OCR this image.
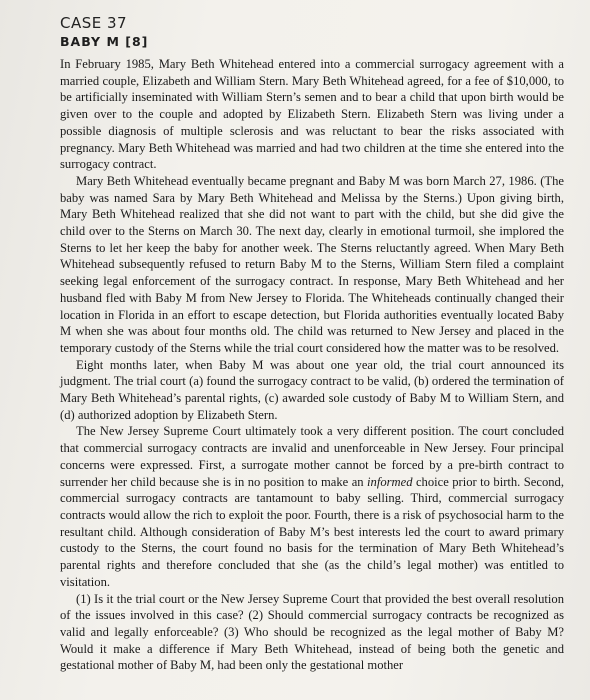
CASE 37
BABY M [8]

In February 1985, Mary Beth Whitehead entered into a commercial surrogacy agreement with a married couple, Elizabeth and William Stern. Mary Beth Whitehead agreed, for a fee of $10,000, to be artificially inseminated with William Stern’s semen and to bear a child that upon birth would be given over to the couple and adopted by Elizabeth Stern. Elizabeth Stern was living under a possible diagnosis of multiple sclerosis and was reluctant to bear the risks associated with pregnancy. Mary Beth Whitehead was married and had two children at the time she entered into the surrogacy contract.

Mary Beth Whitehead eventually became pregnant and Baby M was born March 27, 1986. (The baby was named Sara by Mary Beth Whitehead and Melissa by the Sterns.) Upon giving birth, Mary Beth Whitehead realized that she did not want to part with the child, but she did give the child over to the Sterns on March 30. The next day, clearly in emotional turmoil, she implored the Sterns to let her keep the baby for another week. The Sterns reluctantly agreed. When Mary Beth Whitehead subsequently refused to return Baby M to the Sterns, William Stern filed a complaint seeking legal enforcement of the surrogacy contract. In response, Mary Beth Whitehead and her husband fled with Baby M from New Jersey to Florida. The Whiteheads continually changed their location in Florida in an effort to escape detection, but Florida authorities eventually located Baby M when she was about four months old. The child was returned to New Jersey and placed in the temporary custody of the Sterns while the trial court considered how the matter was to be resolved.

Eight months later, when Baby M was about one year old, the trial court announced its judgment. The trial court (a) found the surrogacy contract to be valid, (b) ordered the termination of Mary Beth Whitehead’s parental rights, (c) awarded sole custody of Baby M to William Stern, and (d) authorized adoption by Elizabeth Stern.

The New Jersey Supreme Court ultimately took a very different position. The court concluded that commercial surrogacy contracts are invalid and unenforceable in New Jersey. Four principal concerns were expressed. First, a surrogate mother cannot be forced by a pre-birth contract to surrender her child because she is in no position to make an informed choice prior to birth. Second, commercial surrogacy contracts are tantamount to baby selling. Third, commercial surrogacy contracts would allow the rich to exploit the poor. Fourth, there is a risk of psychosocial harm to the resultant child. Although consideration of Baby M’s best interests led the court to award primary custody to the Sterns, the court found no basis for the termination of Mary Beth Whitehead’s parental rights and therefore concluded that she (as the child’s legal mother) was entitled to visitation.

(1) Is it the trial court or the New Jersey Supreme Court that provided the best overall resolution of the issues involved in this case? (2) Should commercial surrogacy contracts be recognized as valid and legally enforceable? (3) Who should be recognized as the legal mother of Baby M? Would it make a difference if Mary Beth Whitehead, instead of being both the genetic and gestational mother of Baby M, had been only the gestational mother
